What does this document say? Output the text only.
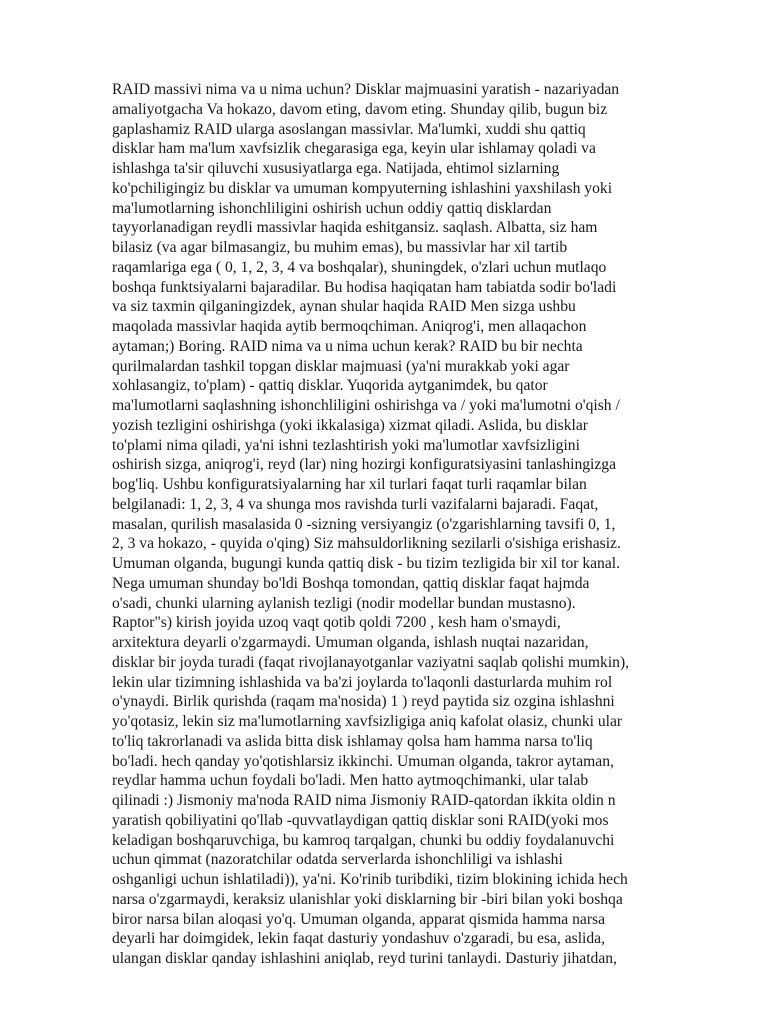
RAID massivi nima va u nima uchun? Disklar majmuasini yaratish - nazariyadan
amaliyotgacha Va hokazo, davom eting, davom eting. Shunday qilib, bugun biz
gaplashamiz RAID ularga asoslangan massivlar. Ma'lumki, xuddi shu qattiq
disklar ham ma'lum xavfsizlik chegarasiga ega, keyin ular ishlamay qoladi va
ishlashga ta'sir qiluvchi xususiyatlarga ega. Natijada, ehtimol sizlarning
ko'pchiligingiz bu disklar va umuman kompyuterning ishlashini yaxshilash yoki
ma'lumotlarning ishonchliligini oshirish uchun oddiy qattiq disklardan
tayyorlanadigan reydli massivlar haqida eshitgansiz. saqlash. Albatta, siz ham
bilasiz (va agar bilmasangiz, bu muhim emas), bu massivlar har xil tartib
raqamlariga ega ( 0, 1, 2, 3, 4 va boshqalar), shuningdek, o'zlari uchun mutlaqo
boshqa funktsiyalarni bajaradilar. Bu hodisa haqiqatan ham tabiatda sodir bo'ladi
va siz taxmin qilganingizdek, aynan shular haqida RAID Men sizga ushbu
maqolada massivlar haqida aytib bermoqchiman. Aniqrog'i, men allaqachon
aytaman;) Boring. RAID nima va u nima uchun kerak? RAID bu bir nechta
qurilmalardan tashkil topgan disklar majmuasi (ya'ni murakkab yoki agar
xohlasangiz, to'plam) - qattiq disklar. Yuqorida aytganimdek, bu qator
ma'lumotlarni saqlashning ishonchliligini oshirishga va / yoki ma'lumotni o'qish /
yozish tezligini oshirishga (yoki ikkalasiga) xizmat qiladi. Aslida, bu disklar
to'plami nima qiladi, ya'ni ishni tezlashtirish yoki ma'lumotlar xavfsizligini
oshirish sizga, aniqrog'i, reyd (lar) ning hozirgi konfiguratsiyasini tanlashingizga
bog'liq. Ushbu konfiguratsiyalarning har xil turlari faqat turli raqamlar bilan
belgilanadi: 1, 2, 3, 4 va shunga mos ravishda turli vazifalarni bajaradi. Faqat,
masalan, qurilish masalasida 0 -sizning versiyangiz (o'zgarishlarning tavsifi 0, 1,
2, 3 va hokazo, - quyida o'qing) Siz mahsuldorlikning sezilarli o'sishiga erishasiz.
Umuman olganda, bugungi kunda qattiq disk - bu tizim tezligida bir xil tor kanal.
Nega umuman shunday bo'ldi Boshqa tomondan, qattiq disklar faqat hajmda
o'sadi, chunki ularning aylanish tezligi (nodir modellar bundan mustasno).
Raptor"s) kirish joyida uzoq vaqt qotib qoldi 7200 , kesh ham o'smaydi,
arxitektura deyarli o'zgarmaydi. Umuman olganda, ishlash nuqtai nazaridan,
disklar bir joyda turadi (faqat rivojlanayotganlar vaziyatni saqlab qolishi mumkin),
lekin ular tizimning ishlashida va ba'zi joylarda to'laqonli dasturlarda muhim rol
o'ynaydi. Birlik qurishda (raqam ma'nosida) 1 ) reyd paytida siz ozgina ishlashni
yo'qotasiz, lekin siz ma'lumotlarning xavfsizligiga aniq kafolat olasiz, chunki ular
to'liq takrorlanadi va aslida bitta disk ishlamay qolsa ham hamma narsa to'liq
bo'ladi. hech qanday yo'qotishlarsiz ikkinchi. Umuman olganda, takror aytaman,
reydlar hamma uchun foydali bo'ladi. Men hatto aytmoqchimanki, ular talab
qilinadi :) Jismoniy ma'noda RAID nima Jismoniy RAID-qatordan ikkita oldin n
yaratish qobiliyatini qo'llab -quvvatlaydigan qattiq disklar soni RAID(yoki mos
keladigan boshqaruvchiga, bu kamroq tarqalgan, chunki bu oddiy foydalanuvchi
uchun qimmat (nazoratchilar odatda serverlarda ishonchliligi va ishlashi
oshganligi uchun ishlatiladi)), ya'ni. Ko'rinib turibdiki, tizim blokining ichida hech
narsa o'zgarmaydi, keraksiz ulanishlar yoki disklarning bir -biri bilan yoki boshqa
biror narsa bilan aloqasi yo'q. Umuman olganda, apparat qismida hamma narsa
deyarli har doimgidek, lekin faqat dasturiy yondashuv o'zgaradi, bu esa, aslida,
ulangan disklar qanday ishlashini aniqlab, reyd turini tanlaydi. Dasturiy jihatdan,
